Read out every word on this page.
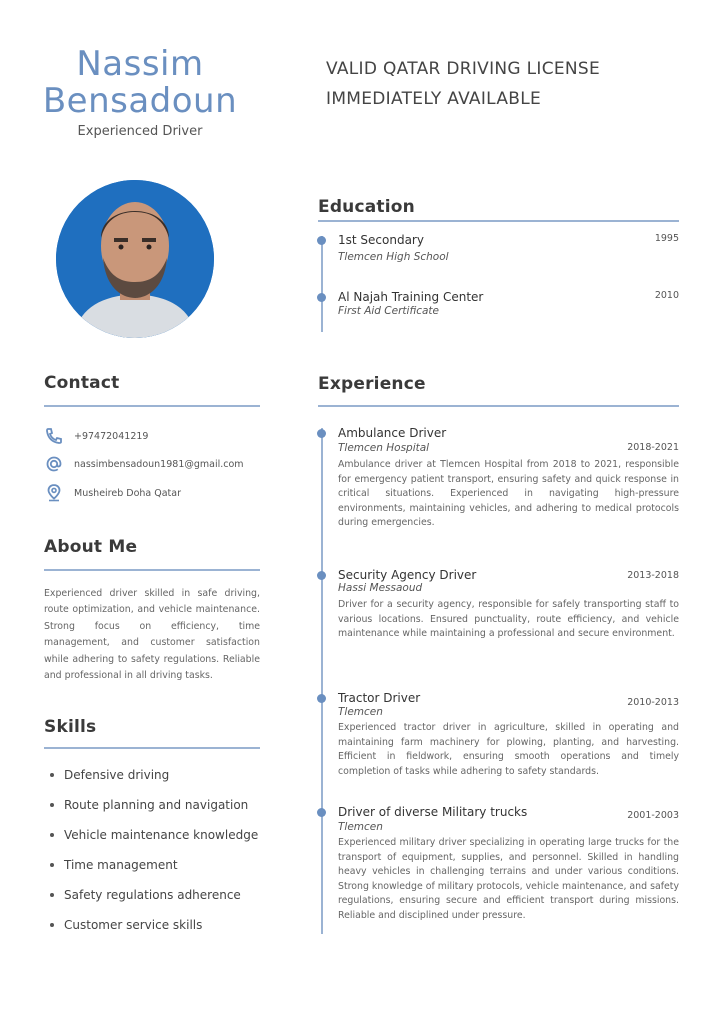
Nassim
Bensadoun
Experienced Driver
VALID QATAR DRIVING LICENSE
IMMEDIATELY AVAILABLE
Contact
+97472041219
nassimbensadoun1981@gmail.com
Musheireb Doha Qatar
About Me
Experienced driver skilled in safe driving, route optimization, and vehicle maintenance. Strong focus on efficiency, time management, and customer satisfaction while adhering to safety regulations. Reliable and professional in all driving tasks.
Skills
Defensive driving
Route planning and navigation
Vehicle maintenance knowledge
Time management
Safety regulations adherence
Customer service skills
Education
1st Secondary	1995
Tlemcen High School
Al Najah Training Center	2010
First Aid Certificate
Experience
Ambulance Driver
Tlemcen Hospital	2018-2021
Ambulance driver at Tlemcen Hospital from 2018 to 2021, responsible for emergency patient transport, ensuring safety and quick response in critical situations. Experienced in navigating high-pressure environments, maintaining vehicles, and adhering to medical protocols during emergencies.
Security Agency Driver	2013-2018
Hassi Messaoud
Driver for a security agency, responsible for safely transporting staff to various locations. Ensured punctuality, route efficiency, and vehicle maintenance while maintaining a professional and secure environment.
Tractor Driver	2010-2013
Tlemcen
Experienced tractor driver in agriculture, skilled in operating and maintaining farm machinery for plowing, planting, and harvesting. Efficient in fieldwork, ensuring smooth operations and timely completion of tasks while adhering to safety standards.
Driver of diverse Military trucks	2001-2003
Tlemcen
Experienced military driver specializing in operating large trucks for the transport of equipment, supplies, and personnel. Skilled in handling heavy vehicles in challenging terrains and under various conditions. Strong knowledge of military protocols, vehicle maintenance, and safety regulations, ensuring secure and efficient transport during missions. Reliable and disciplined under pressure.
